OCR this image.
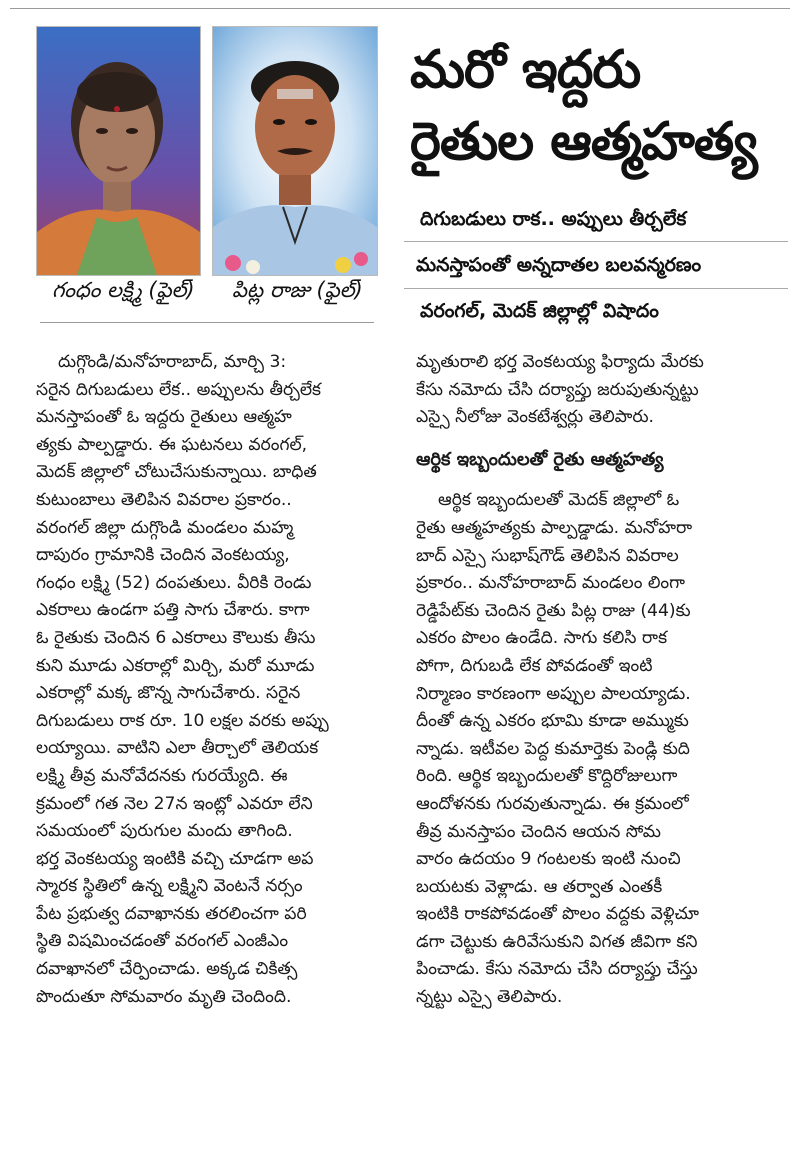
గంధం లక్ష్మి (ఫైల్) పిట్ల రాజు (ఫైల్)
మరో ఇద్దరు
రైతుల ఆత్మహత్య
దిగుబడులు రాక.. అప్పులు తీర్చలేక
మనస్తాపంతో అన్నదాతల బలవన్మరణం
వరంగల్, మెదక్ జిల్లాల్లో విషాదం
దుగ్గొండి/మనోహరాబాద్, మార్చి 3:
సరైన దిగుబడులు లేక.. అప్పులను తీర్చలేక
మనస్తాపంతో ఓ ఇద్దరు రైతులు ఆత్మహ
త్యకు పాల్పడ్డారు. ఈ ఘటనలు వరంగల్,
మెదక్ జిల్లాలో చోటుచేసుకున్నాయి. బాధిత
కుటుంబాలు తెలిపిన వివరాల ప్రకారం..
వరంగల్ జిల్లా దుగ్గొండి మండలం మహ్మ
దాపురం గ్రామానికి చెందిన వెంకటయ్య,
గంధం లక్ష్మి (52) దంపతులు. వీరికి రెండు
ఎకరాలు ఉండగా పత్తి సాగు చేశారు. కాగా
ఓ రైతుకు చెందిన 6 ఎకరాలు కౌలుకు తీసు
కుని మూడు ఎకరాల్లో మిర్చి, మరో మూడు
ఎకరాల్లో మక్క జొన్న సాగుచేశారు. సరైన
దిగుబడులు రాక రూ. 10 లక్షల వరకు అప్పు
లయ్యాయి. వాటిని ఎలా తీర్చాలో తెలియక
లక్ష్మి తీవ్ర మనోవేదనకు గురయ్యేది. ఈ
క్రమంలో గత నెల 27న ఇంట్లో ఎవరూ లేని
సమయంలో పురుగుల మందు తాగింది.
భర్త వెంకటయ్య ఇంటికి వచ్చి చూడగా అప
స్మారక స్థితిలో ఉన్న లక్ష్మిని వెంటనే నర్సం
పేట ప్రభుత్వ దవాఖానకు తరలించగా పరి
స్థితి విషమించడంతో వరంగల్ ఎంజీఎం
దవాఖానలో చేర్పించాడు. అక్కడ చికిత్స
పొందుతూ సోమవారం మృతి చెందింది.
మృతురాలి భర్త వెంకటయ్య ఫిర్యాదు మేరకు
కేసు నమోదు చేసి దర్యాప్తు జరుపుతున్నట్టు
ఎస్సై నీలోజు వెంకటేశ్వర్లు తెలిపారు.
ఆర్థిక ఇబ్బందులతో రైతు ఆత్మహత్య
ఆర్థిక ఇబ్బందులతో మెదక్ జిల్లాలో ఓ
రైతు ఆత్మహత్యకు పాల్పడ్డాడు. మనోహరా
బాద్ ఎస్సై సుభాష్‌గౌడ్ తెలిపిన వివరాల
ప్రకారం.. మనోహరాబాద్ మండలం లింగా
రెడ్డిపేట్‌కు చెందిన రైతు పిట్ల రాజు (44)కు
ఎకరం పొలం ఉండేది. సాగు కలిసి రాక
పోగా, దిగుబడి లేక పోవడంతో ఇంటి
నిర్మాణం కారణంగా అప్పుల పాలయ్యాడు.
దీంతో ఉన్న ఎకరం భూమి కూడా అమ్ముకు
న్నాడు. ఇటీవల పెద్ద కుమార్తెకు పెండ్లి కుది
రింది. ఆర్థిక ఇబ్బందులతో కొద్దిరోజులుగా
ఆందోళనకు గురవుతున్నాడు. ఈ క్రమంలో
తీవ్ర మనస్తాపం చెందిన ఆయన సోమ
వారం ఉదయం 9 గంటలకు ఇంటి నుంచి
బయటకు వెళ్లాడు. ఆ తర్వాత ఎంతకీ
ఇంటికి రాకపోవడంతో పొలం వద్దకు వెళ్లిచూ
డగా చెట్టుకు ఉరివేసుకుని విగత జీవిగా కని
పించాడు. కేసు నమోదు చేసి దర్యాప్తు చేస్తు
న్నట్టు ఎస్సై తెలిపారు.
